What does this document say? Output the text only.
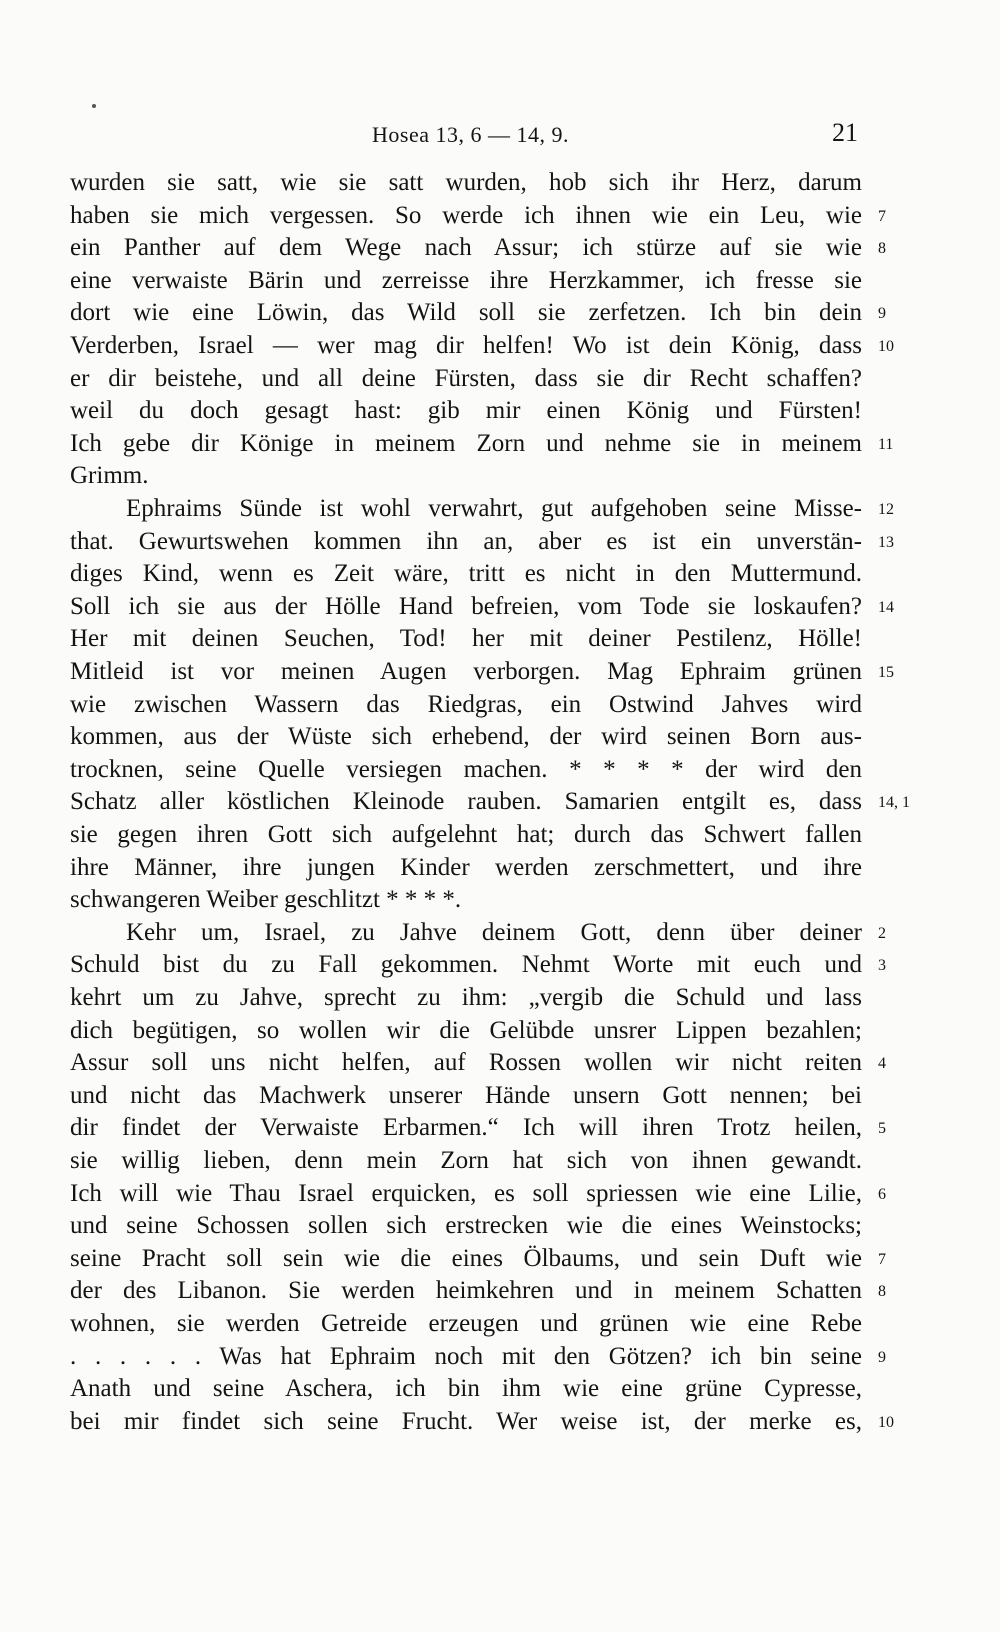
Hosea 13, 6 — 14, 9.	21
wurden sie satt, wie sie satt wurden, hob sich ihr Herz, darum
haben sie mich vergessen. So werde ich ihnen wie ein Leu, wie
ein Panther auf dem Wege nach Assur; ich stürze auf sie wie
eine verwaiste Bärin und zerreisse ihre Herzkammer, ich fresse sie
dort wie eine Löwin, das Wild soll sie zerfetzen. Ich bin dein
Verderben, Israel — wer mag dir helfen! Wo ist dein König, dass
er dir beistehe, und all deine Fürsten, dass sie dir Recht schaffen?
weil du doch gesagt hast: gib mir einen König und Fürsten!
Ich gebe dir Könige in meinem Zorn und nehme sie in meinem
Grimm.
Ephraims Sünde ist wohl verwahrt, gut aufgehoben seine Misse-
that. Gewurtswehen kommen ihn an, aber es ist ein unverstän-
diges Kind, wenn es Zeit wäre, tritt es nicht in den Muttermund.
Soll ich sie aus der Hölle Hand befreien, vom Tode sie loskaufen?
Her mit deinen Seuchen, Tod! her mit deiner Pestilenz, Hölle!
Mitleid ist vor meinen Augen verborgen. Mag Ephraim grünen
wie zwischen Wassern das Riedgras, ein Ostwind Jahves wird
kommen, aus der Wüste sich erhebend, der wird seinen Born aus-
trocknen, seine Quelle versiegen machen. * * * * der wird den
Schatz aller köstlichen Kleinode rauben. Samarien entgilt es, dass
sie gegen ihren Gott sich aufgelehnt hat; durch das Schwert fallen
ihre Männer, ihre jungen Kinder werden zerschmettert, und ihre
schwangeren Weiber geschlitzt * * * *.
Kehr um, Israel, zu Jahve deinem Gott, denn über deiner
Schuld bist du zu Fall gekommen. Nehmt Worte mit euch und
kehrt um zu Jahve, sprecht zu ihm: „vergib die Schuld und lass
dich begütigen, so wollen wir die Gelübde unsrer Lippen bezahlen;
Assur soll uns nicht helfen, auf Rossen wollen wir nicht reiten
und nicht das Machwerk unserer Hände unsern Gott nennen; bei
dir findet der Verwaiste Erbarmen.“ Ich will ihren Trotz heilen,
sie willig lieben, denn mein Zorn hat sich von ihnen gewandt.
Ich will wie Thau Israel erquicken, es soll spriessen wie eine Lilie,
und seine Schossen sollen sich erstrecken wie die eines Weinstocks;
seine Pracht soll sein wie die eines Ölbaums, und sein Duft wie
der des Libanon. Sie werden heimkehren und in meinem Schatten
wohnen, sie werden Getreide erzeugen und grünen wie eine Rebe
. . . . . . Was hat Ephraim noch mit den Götzen? ich bin seine
Anath und seine Aschera, ich bin ihm wie eine grüne Cypresse,
bei mir findet sich seine Frucht. Wer weise ist, der merke es,
7
8
9
10
11
12
13
14
15
14, 1
2
3
4
5
6
7
8
9
10
